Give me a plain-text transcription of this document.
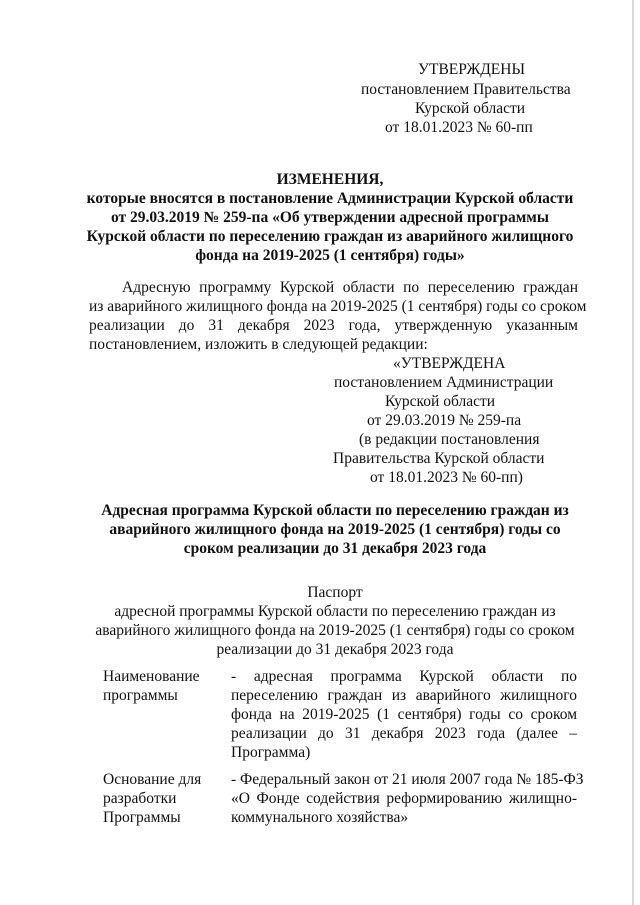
УТВЕРЖДЕНЫ
постановлением Правительства
Курской области
от 18.01.2023 № 60-пп
ИЗМЕНЕНИЯ,
которые вносятся в постановление Администрации Курской области
от 29.03.2019 № 259-па «Об утверждении адресной программы
Курской области по переселению граждан из аварийного жилищного
фонда на 2019-2025 (1 сентября) годы»
Адресную программу Курской области по переселению граждан
из аварийного жилищного фонда на 2019-2025 (1 сентября) годы со сроком
реализации до 31 декабря 2023 года, утвержденную указанным
постановлением, изложить в следующей редакции:
«УТВЕРЖДЕНА
постановлением Администрации
Курской области
от 29.03.2019 № 259-па
(в редакции постановления
Правительства Курской области
от 18.01.2023 № 60-пп)
Адресная программа Курской области по переселению граждан из
аварийного жилищного фонда на 2019-2025 (1 сентября) годы со
сроком реализации до 31 декабря 2023 года
Паспорт
адресной программы Курской области по переселению граждан из
аварийного жилищного фонда на 2019-2025 (1 сентября) годы со сроком
реализации до 31 декабря 2023 года
Наименование
программы
- адресная программа Курской области по
переселению граждан из аварийного жилищного
фонда на 2019-2025 (1 сентября) годы со сроком
реализации до 31 декабря 2023 года (далее –
Программа)
Основание для
разработки
Программы
- Федеральный закон от 21 июля 2007 года № 185-ФЗ
«О Фонде содействия реформированию жилищно-
коммунального хозяйства»
